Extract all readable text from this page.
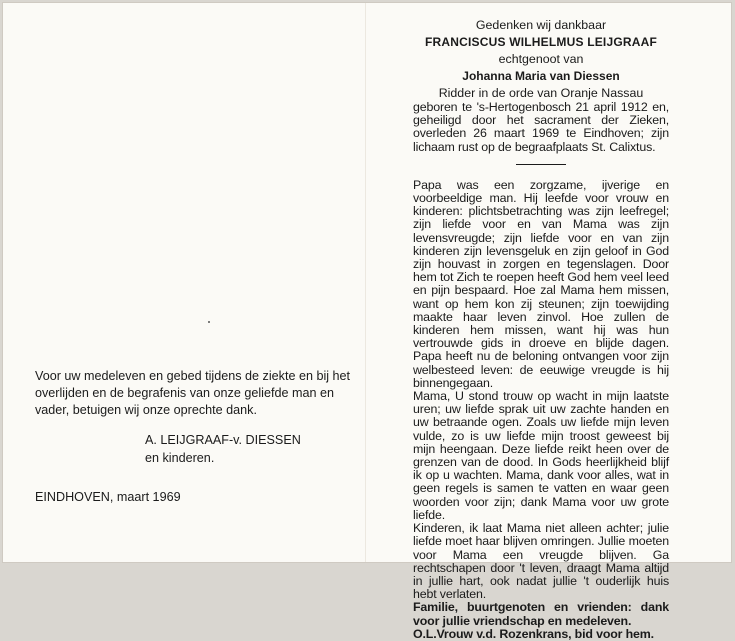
Voor uw medeleven en gebed tijdens de ziekte en bij het overlijden en de begrafenis van onze geliefde man en vader, betuigen wij onze oprechte dank.

A. LEIJGRAAF-v. DIESSEN
en kinderen.
EINDHOVEN, maart 1969
Gedenken wij dankbaar
FRANCISCUS WILHELMUS LEIJGRAAF
echtgenoot van
Johanna Maria van Diessen
Ridder in de orde van Oranje Nassau

geboren te 's-Hertogenbosch 21 april 1912 en, geheiligd door het sacrament der Zieken, overleden 26 maart 1969 te Eindhoven; zijn lichaam rust op de begraafplaats St. Calixtus.

Papa was een zorgzame, ijverige en voorbeeldige man. Hij leefde voor vrouw en kinderen: plichtsbetrachting was zijn leefregel; zijn liefde voor en van Mama was zijn levensvreugde; zijn liefde voor en van zijn kinderen zijn levensgeluk en zijn geloof in God zijn houvast in zorgen en tegenslagen. Door hem tot Zich te roepen heeft God hem veel leed en pijn bespaard. Hoe zal Mama hem missen, want op hem kon zij steunen; zijn toewijding maakte haar leven zinvol. Hoe zullen de kinderen hem missen, want hij was hun vertrouwde gids in droeve en blijde dagen. Papa heeft nu de beloning ontvangen voor zijn welbesteed leven: de eeuwige vreugde is hij binnengegaan.

Mama, U stond trouw op wacht in mijn laatste uren; uw liefde sprak uit uw zachte handen en uw betraande ogen. Zoals uw liefde mijn leven vulde, zo is uw liefde mijn troost geweest bij mijn heengaan. Deze liefde reikt heen over de grenzen van de dood. In Gods heerlijkheid blijf ik op u wachten. Mama, dank voor alles, wat in geen regels is samen te vatten en waar geen woorden voor zijn; dank Mama voor uw grote liefde.

Kinderen, ik laat Mama niet alleen achter; julie liefde moet haar blijven omringen. Jullie moeten voor Mama een vreugde blijven. Ga rechtschapen door 't leven, draagt Mama altijd in jullie hart, ook nadat jullie 't ouderlijk huis hebt verlaten.

Familie, buurtgenoten en vrienden: dank voor jullie vriendschap en medeleven.

O.L.Vrouw v.d. Rozenkrans, bid voor hem.
